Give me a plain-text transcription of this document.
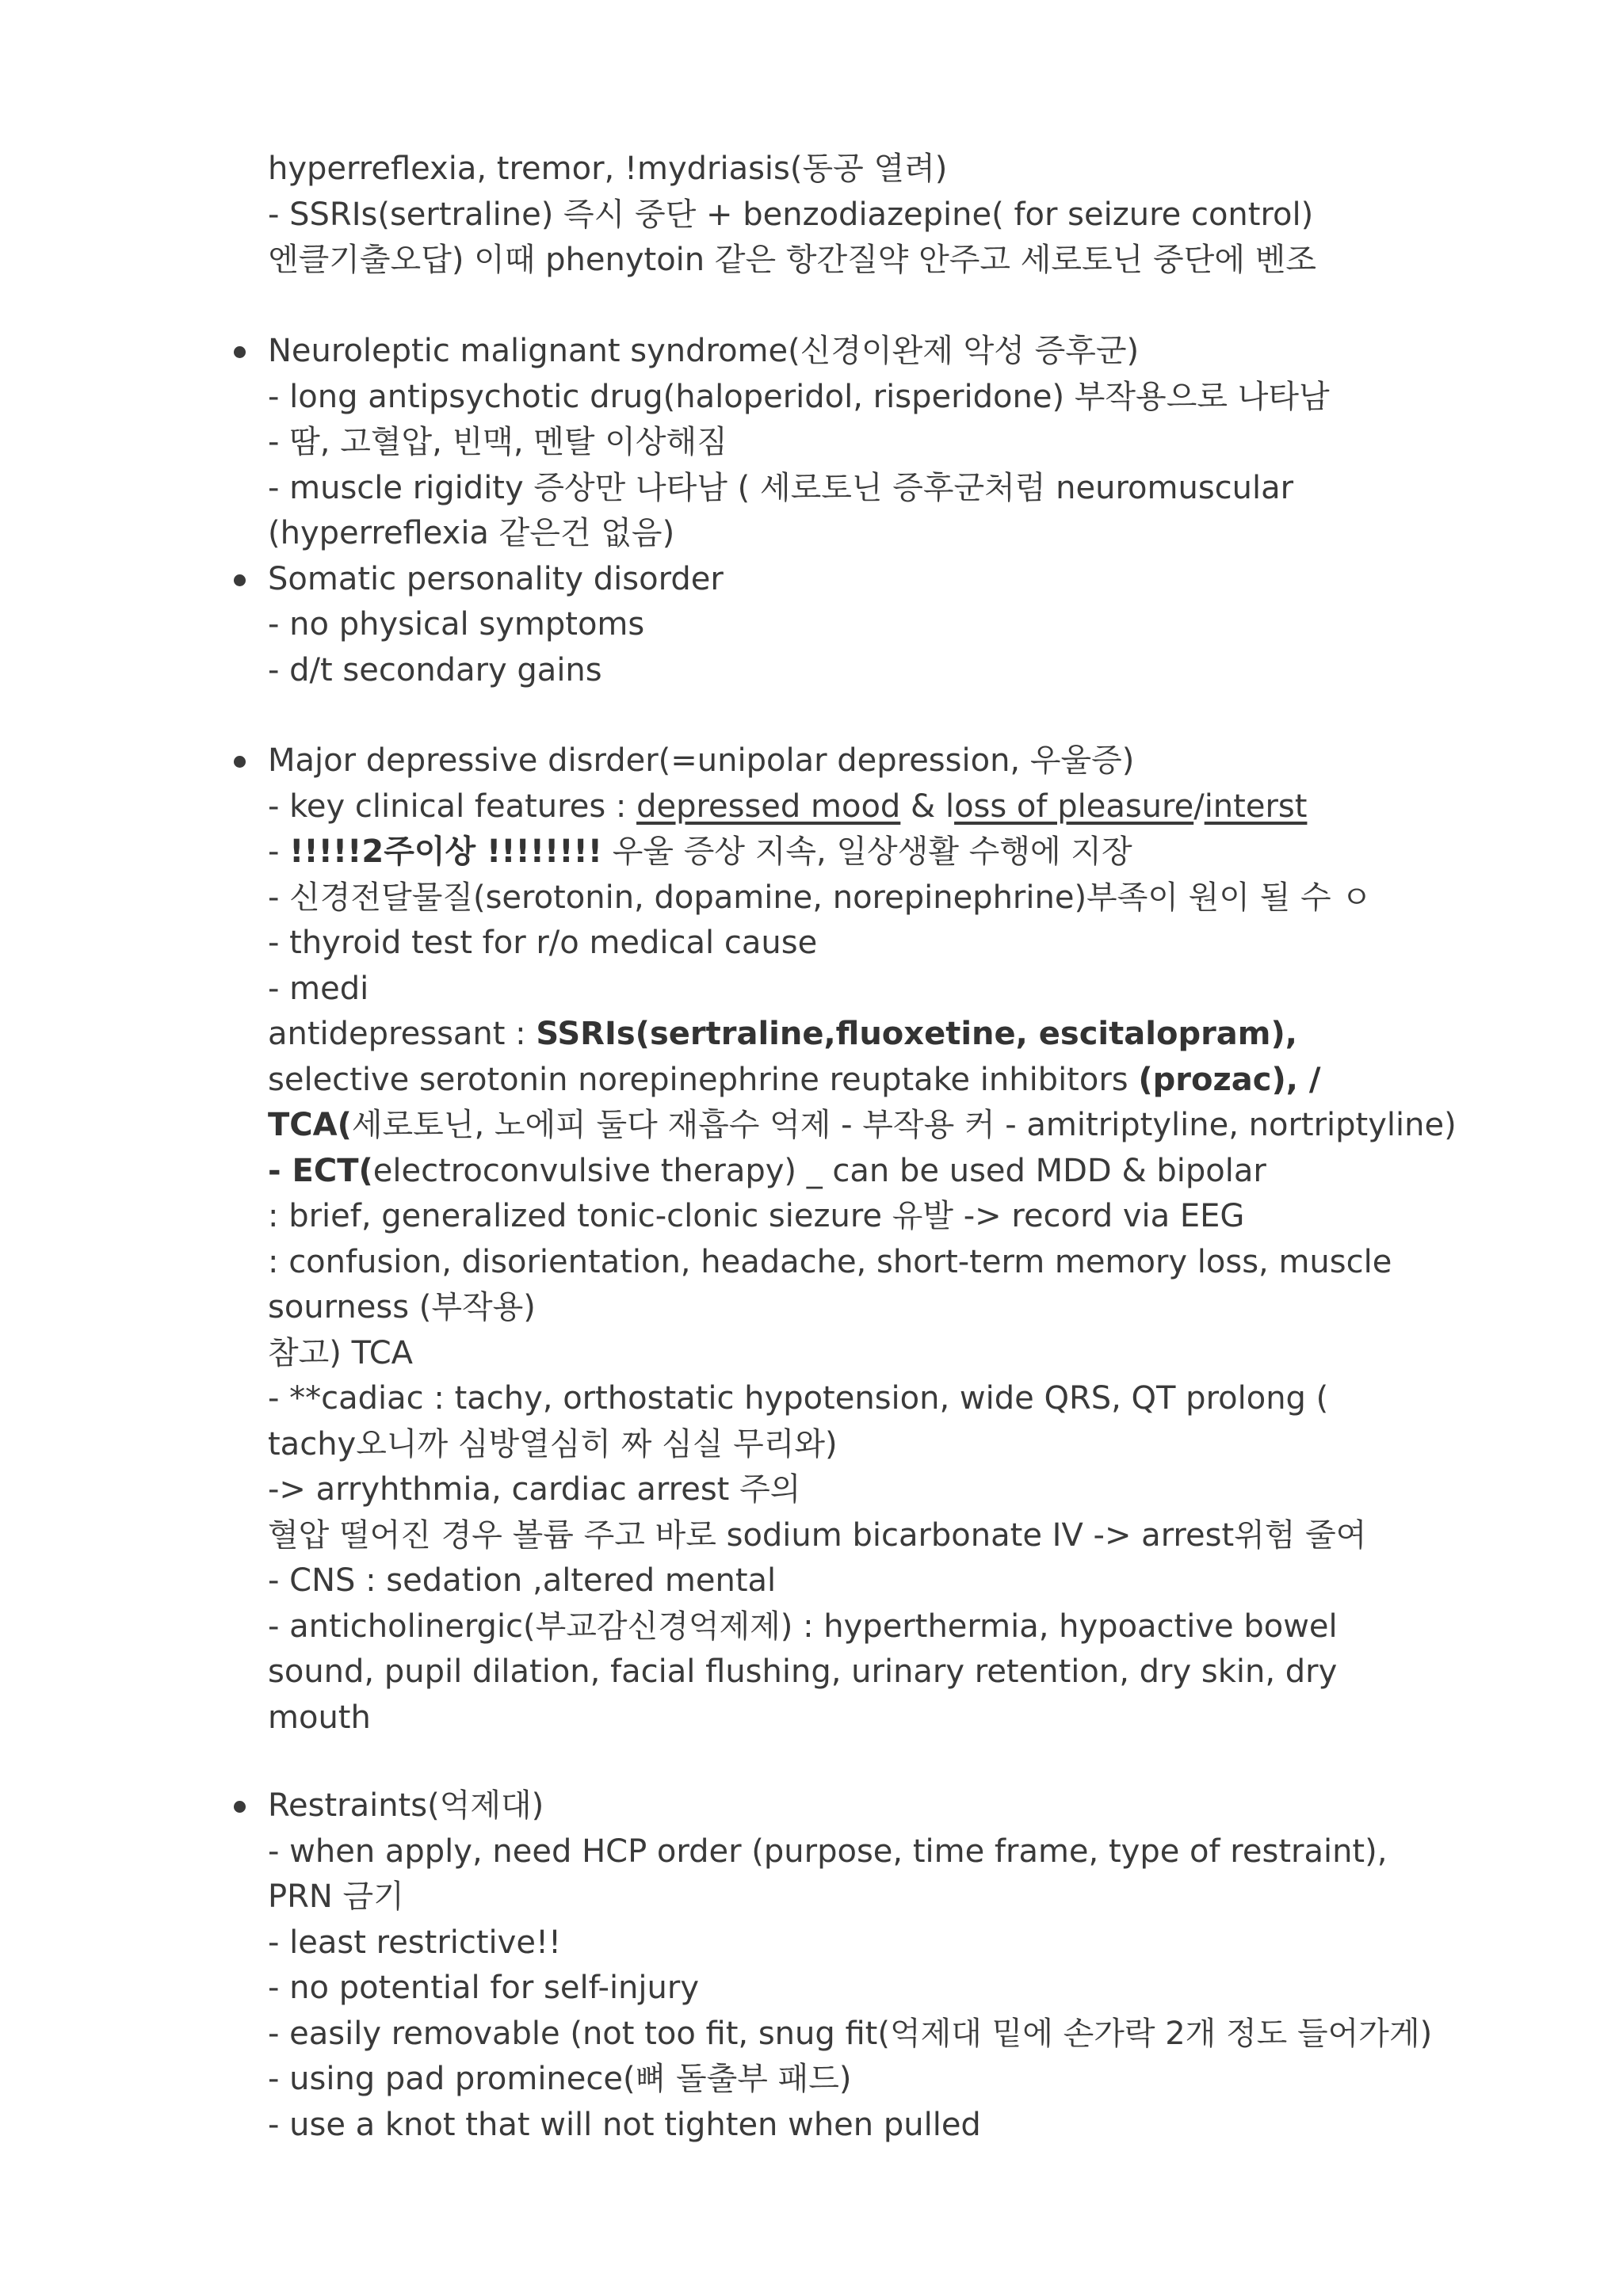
hyperreflexia, tremor, !mydriasis(동공 열려)
- SSRIs(sertraline) 즉시 중단 + benzodiazepine( for seizure control)
엔클기출오답) 이때 phenytoin 같은 항간질약 안주고 세로토닌 중단에 벤조
Neuroleptic malignant syndrome(신경이완제 악성 증후군)
- long antipsychotic drug(haloperidol, risperidone) 부작용으로 나타남
- 땀, 고혈압, 빈맥, 멘탈 이상해짐
- muscle rigidity 증상만 나타남 ( 세로토닌 증후군처럼 neuromuscular
(hyperreflexia 같은건 없음)
Somatic personality disorder
- no physical symptoms
- d/t secondary gains
Major depressive disrder(=unipolar depression, 우울증)
- key clinical features : depressed mood & loss of pleasure/interst
- !!!!!2주이상 !!!!!!!! 우울 증상 지속, 일상생활 수행에 지장
- 신경전달물질(serotonin, dopamine, norepinephrine)부족이 원이 될 수 ㅇ
- thyroid test for r/o medical cause
- medi
antidepressant : SSRIs(sertraline,fluoxetine, escitalopram),
selective serotonin norepinephrine reuptake inhibitors (prozac), /
TCA(세로토닌, 노에피 둘다 재흡수 억제 - 부작용 커 - amitriptyline, nortriptyline)
- ECT(electroconvulsive therapy) _ can be used MDD & bipolar
: brief, generalized tonic-clonic siezure 유발 -> record via EEG
: confusion, disorientation, headache, short-term memory loss, muscle
sourness (부작용)
참고) TCA
- **cadiac : tachy, orthostatic hypotension, wide QRS, QT prolong (
tachy오니까 심방열심히 짜 심실 무리와)
-> arryhthmia, cardiac arrest 주의
혈압 떨어진 경우 볼륨 주고 바로 sodium bicarbonate IV -> arrest위험 줄여
- CNS : sedation ,altered mental
- anticholinergic(부교감신경억제제) : hyperthermia, hypoactive bowel
sound, pupil dilation, facial flushing, urinary retention, dry skin, dry
mouth
Restraints(억제대)
- when apply, need HCP order (purpose, time frame, type of restraint),
PRN 금기
- least restrictive!!
- no potential for self-injury
- easily removable (not too fit, snug fit(억제대 밑에 손가락 2개 정도 들어가게)
- using pad prominece(뼈 돌출부 패드)
- use a knot that will not tighten when pulled
